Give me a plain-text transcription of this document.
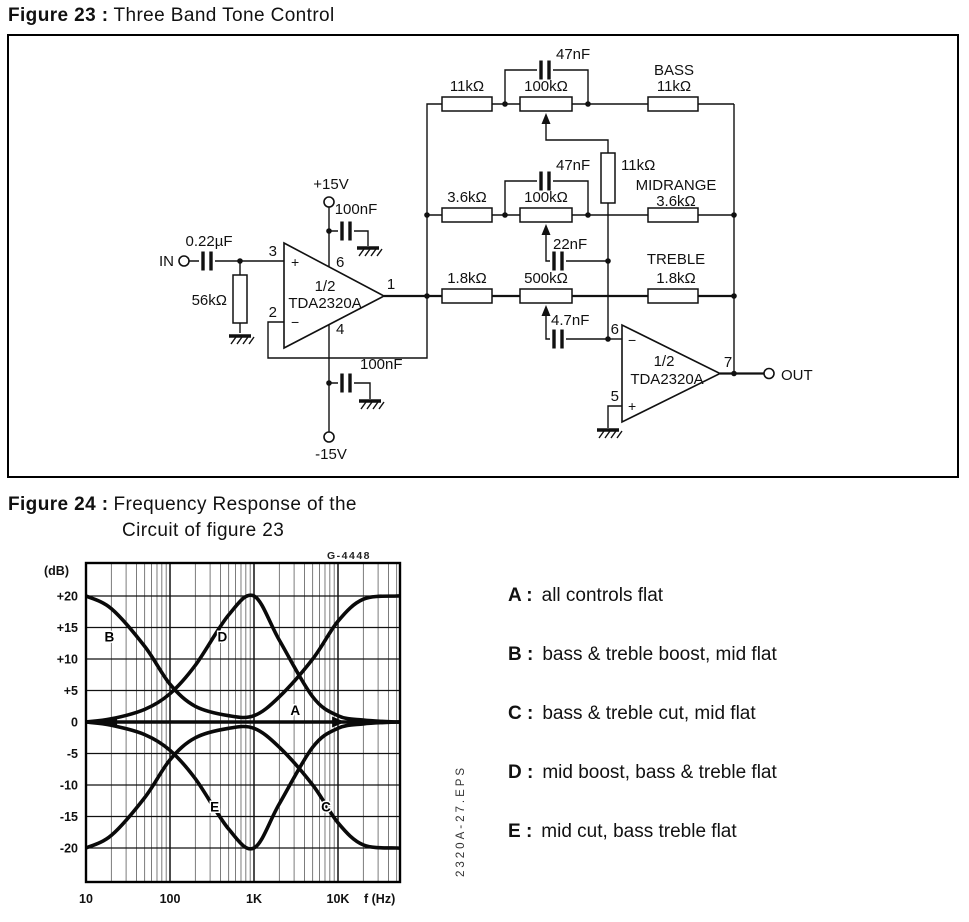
Figure 23 : Three Band Tone Control
IN
0.22µF
56kΩ
3
2
+
−
6
4
1/2
TDA2320A
1
+15V
100nF
100nF
-15V
11kΩ	100kΩ
47nF
BASS
11kΩ
11kΩ
3.6kΩ 100kΩ
47nF
MIDRANGE
3.6kΩ
22nF
1.8kΩ 500kΩ
TREBLE
1.8kΩ
4.7nF
6
5
−
+
1/2
TDA2320A
7
OUT
Figure 24 : Frequency Response of the
Circuit of figure 23
B	D
A
E	C
+20
+15
+10
+5
0
-5
-10
-15
-20
10	100	1K	10K f (Hz)
(dB)
G-4448
2320A-27.EPS
A : all controls flat
B : bass & treble boost, mid flat
C : bass & treble cut, mid flat
D : mid boost, bass & treble flat
E : mid cut, bass treble flat
